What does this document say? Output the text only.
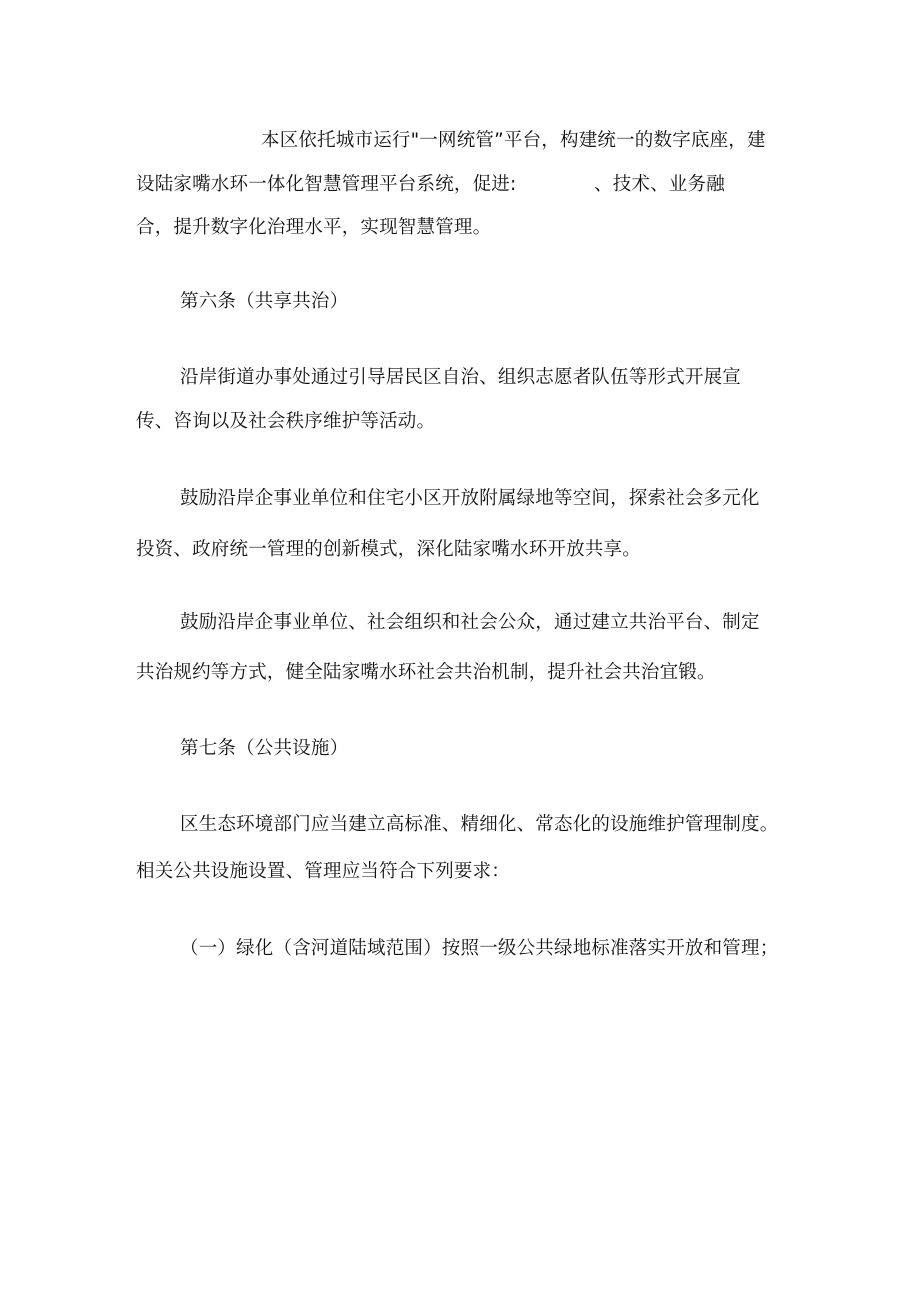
本区依托城市运行"一网统管”平台，构建统一的数字底座，建

设陆家嘴水环一体化智慧管理平台系统，促进:	、技术、业务融

合，提升数字化治理水平，实现智慧管理。

第六条（共享共治）

沿岸街道办事处通过引导居民区自治、组织志愿者队伍等形式开展宣

传、咨询以及社会秩序维护等活动。

鼓励沿岸企事业单位和住宅小区开放附属绿地等空间，探索社会多元化

投资、政府统一管理的创新模式，深化陆家嘴水环开放共享。

鼓励沿岸企事业单位、社会组织和社会公众，通过建立共治平台、制定

共治规约等方式，健全陆家嘴水环社会共治机制，提升社会共治宜锻。

第七条（公共设施）

区生态环境部门应当建立高标准、精细化、常态化的设施维护管理制度。

相关公共设施设置、管理应当符合下列要求：

（一）绿化（含河道陆域范围）按照一级公共绿地标准落实开放和管理；
